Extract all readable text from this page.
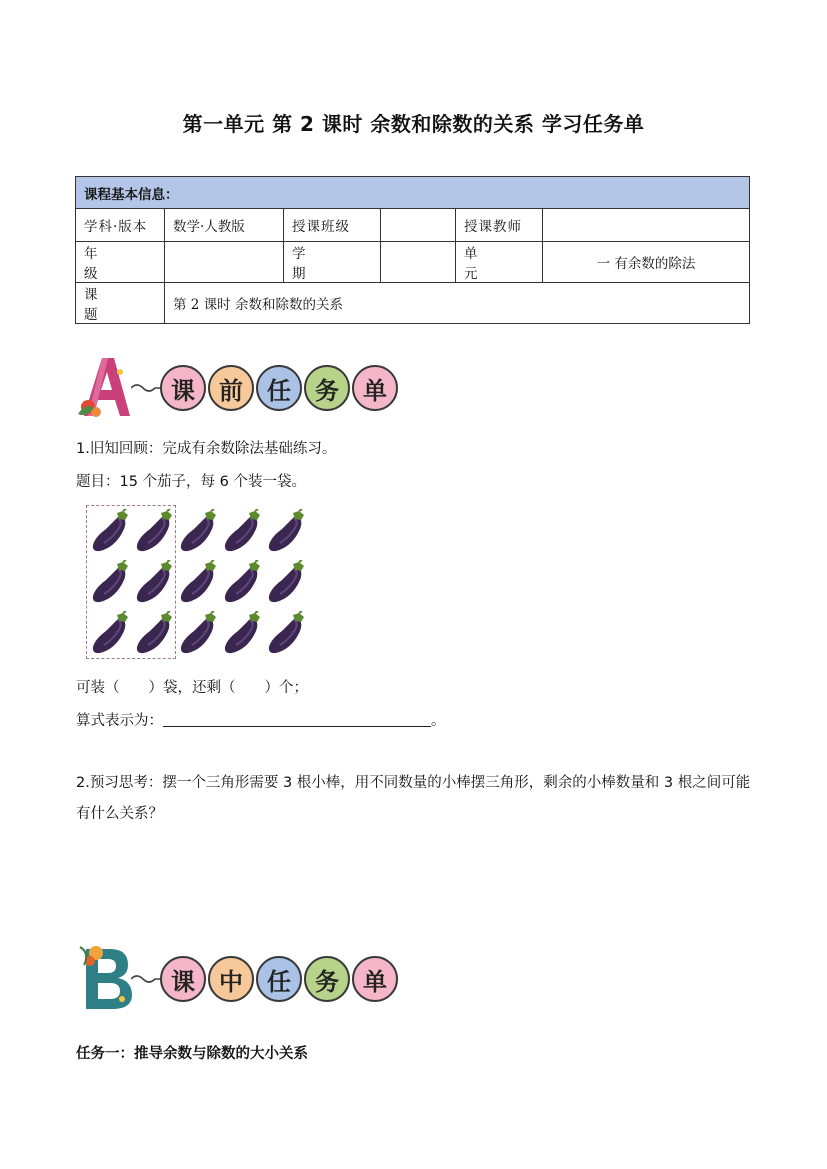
第一单元 第 2 课时 余数和除数的关系 学习任务单
课程基本信息：					
学科·版本	数学·人教版	授课班级		授课教师	
年 级		学 期		单 元	一 有余数的除法
课 题	第 2 课时 余数和除数的关系				
课	前	任	务	单
1.旧知回顾：完成有余数除法基础练习。
题目：15 个茄子，每 6 个装一袋。
可装（　　）袋，还剩（　　）个；
算式表示为：	。
2.预习思考：摆一个三角形需要 3 根小棒，用不同数量的小棒摆三角形，剩余的小棒数量和 3 根之间可能有什么关系？
课	中	任	务	单
任务一：推导余数与除数的大小关系
